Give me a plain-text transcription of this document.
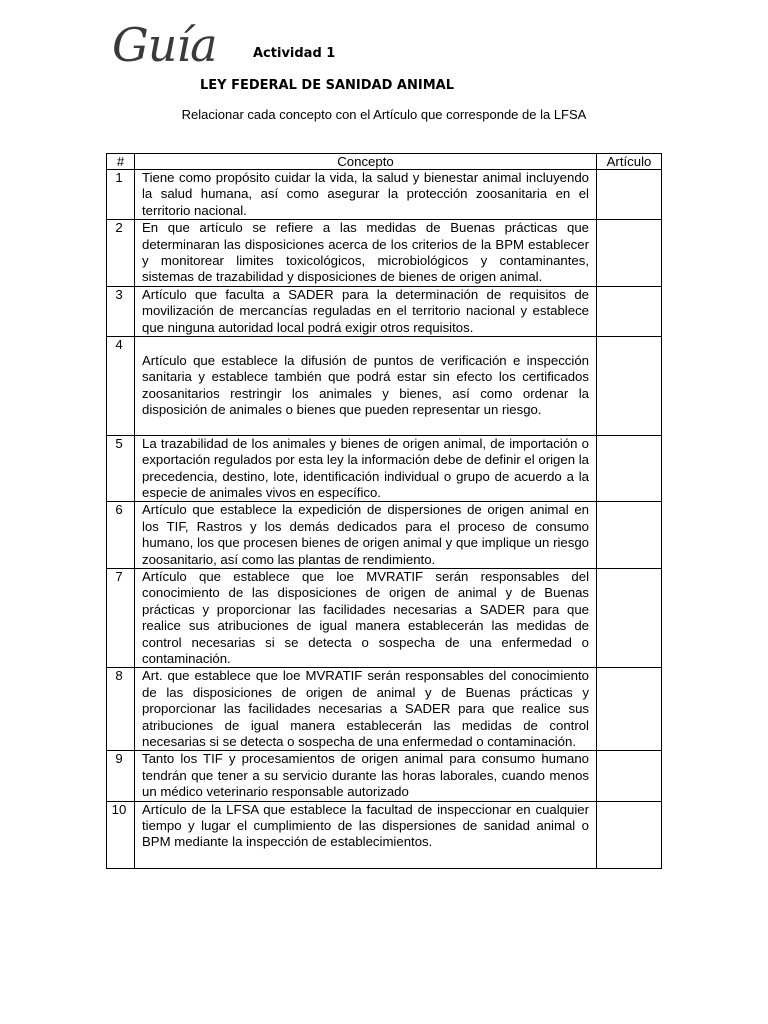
Guía	Actividad 1
LEY FEDERAL DE SANIDAD ANIMAL
Relacionar cada concepto con el Artículo que corresponde de la LFSA
#	Concepto	Artículo
1	Tiene como propósito cuidar la vida, la salud y bienestar animal incluyendo la salud humana, así como asegurar la protección zoosanitaria en el territorio nacional.	
2	En que artículo se refiere a las medidas de Buenas prácticas que determinaran las disposiciones acerca de los criterios de la BPM establecer y monitorear limites toxicológicos, microbiológicos y contaminantes, sistemas de trazabilidad y disposiciones de bienes de origen animal.	
3	Artículo que faculta a SADER para la determinación de requisitos de movilización de mercancías reguladas en el territorio nacional y establece que ninguna autoridad local podrá exigir otros requisitos.	
4	Artículo que establece la difusión de puntos de verificación e inspección sanitaria y establece también que podrá estar sin efecto los certificados zoosanitarios restringir los animales y bienes, así como ordenar la disposición de animales o bienes que pueden representar un riesgo.	
5	La trazabilidad de los animales y bienes de origen animal, de importación o exportación regulados por esta ley la información debe de definir el origen la precedencia, destino, lote, identificación individual o grupo de acuerdo a la especie de animales vivos en específico.	
6	Artículo que establece la expedición de dispersiones de origen animal en los TIF, Rastros y los demás dedicados para el proceso de consumo humano, los que procesen bienes de origen animal y que implique un riesgo zoosanitario, así como las plantas de rendimiento.	
7	Artículo que establece que loe MVRATIF serán responsables del conocimiento de las disposiciones de origen de animal y de Buenas prácticas y proporcionar las facilidades necesarias a SADER para que realice sus atribuciones de igual manera establecerán las medidas de control necesarias si se detecta o sospecha de una enfermedad o contaminación.	
8	Art. que establece que loe MVRATIF serán responsables del conocimiento de las disposiciones de origen de animal y de Buenas prácticas y proporcionar las facilidades necesarias a SADER para que realice sus atribuciones de igual manera establecerán las medidas de control necesarias si se detecta o sospecha de una enfermedad o contaminación.	
9	Tanto los TIF y procesamientos de origen animal para consumo humano tendrán que tener a su servicio durante las horas laborales, cuando menos un médico veterinario responsable autorizado	
10	Artículo de la LFSA que establece la facultad de inspeccionar en cualquier tiempo y lugar el cumplimiento de las dispersiones de sanidad animal o BPM mediante la inspección de establecimientos.	
